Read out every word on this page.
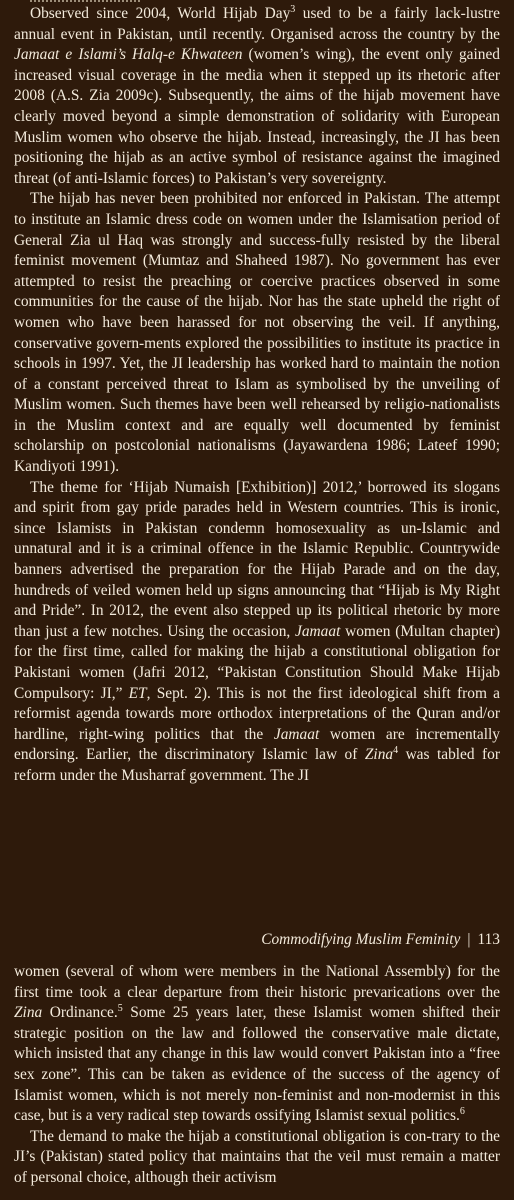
Observed since 2004, World Hijab Day$^3$ used to be a fairly lack-lustre annual event in Pakistan, until recently. Organised across the country by the Jamaat e Islami’s Halq-e Khwateen (women’s wing), the event only gained increased visual coverage in the media when it stepped up its rhetoric after 2008 (A.S. Zia 2009c). Subsequently, the aims of the hijab movement have clearly moved beyond a simple demonstration of solidarity with European Muslim women who observe the hijab. Instead, increasingly, the JI has been positioning the hijab as an active symbol of resistance against the imagined threat (of anti-Islamic forces) to Pakistan’s very sovereignty.

The hijab has never been prohibited nor enforced in Pakistan. The attempt to institute an Islamic dress code on women under the Islamisation period of General Zia ul Haq was strongly and success-fully resisted by the liberal feminist movement (Mumtaz and Shaheed 1987). No government has ever attempted to resist the preaching or coercive practices observed in some communities for the cause of the hijab. Nor has the state upheld the right of women who have been harassed for not observing the veil. If anything, conservative govern-ments explored the possibilities to institute its practice in schools in 1997. Yet, the JI leadership has worked hard to maintain the notion of a constant perceived threat to Islam as symbolised by the unveiling of Muslim women. Such themes have been well rehearsed by religio-nationalists in the Muslim context and are equally well documented by feminist scholarship on postcolonial nationalisms (Jayawardena 1986; Lateef 1990; Kandiyoti 1991).

The theme for ‘Hijab Numaish [Exhibition)] 2012,’ borrowed its slogans and spirit from gay pride parades held in Western countries. This is ironic, since Islamists in Pakistan condemn homosexuality as un-Islamic and unnatural and it is a criminal offence in the Islamic Republic. Countrywide banners advertised the preparation for the Hijab Parade and on the day, hundreds of veiled women held up signs announcing that “Hijab is My Right and Pride”. In 2012, the event also stepped up its political rhetoric by more than just a few notches. Using the occasion, Jamaat women (Multan chapter) for the first time, called for making the hijab a constitutional obligation for Pakistani women (Jafri 2012, “Pakistan Constitution Should Make Hijab Compulsory: JI,” ET, Sept. 2). This is not the first ideological shift from a reformist agenda towards more orthodox interpretations of the Quran and/or hardline, right-wing politics that the Jamaat women are incrementally endorsing. Earlier, the discriminatory Islamic law of Zina$^4$ was tabled for reform under the Musharraf government. The JI

Commodifying Muslim Feminity | 113

women (several of whom were members in the National Assembly) for the first time took a clear departure from their historic prevarications over the Zina Ordinance.$^5$ Some 25 years later, these Islamist women shifted their strategic position on the law and followed the conservative male dictate, which insisted that any change in this law would convert Pakistan into a “free sex zone”. This can be taken as evidence of the success of the agency of Islamist women, which is not merely non-feminist and non-modernist in this case, but is a very radical step towards ossifying Islamist sexual politics.$^6$

The demand to make the hijab a constitutional obligation is con-trary to the JI’s (Pakistan) stated policy that maintains that the veil must remain a matter of personal choice, although their activism
